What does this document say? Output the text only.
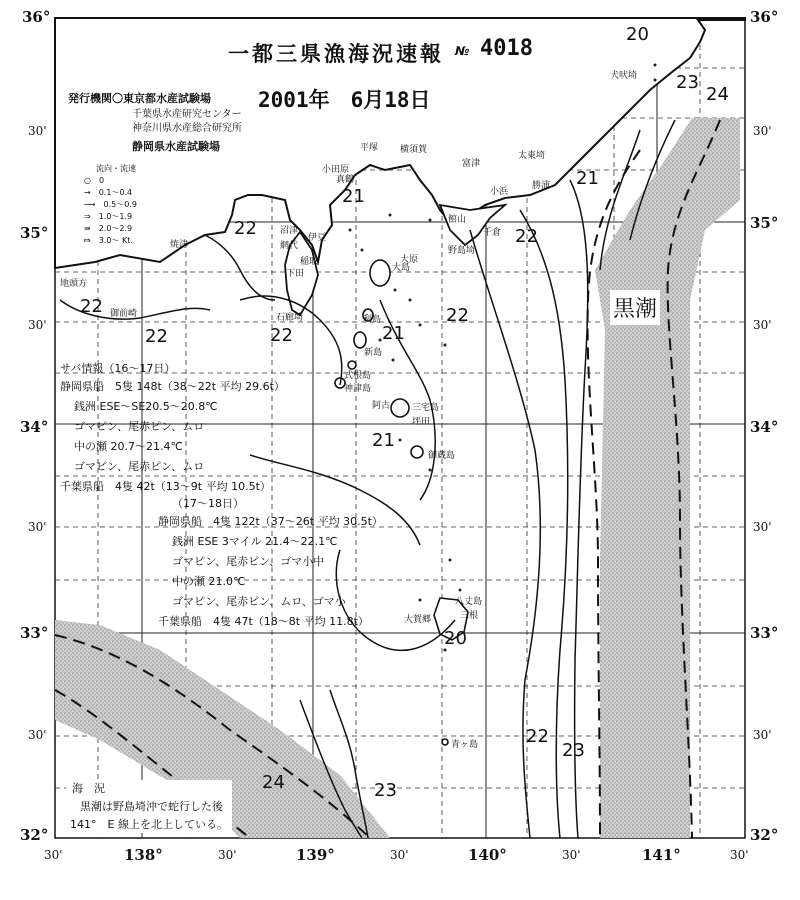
一都三県漁海況速報 № 4018
2001年　6月18日
発行機関〇東京都水産試験場
千葉県水産研究センター
神奈川県水産総合研究所
静岡県水産試験場
流向・流速
○　0
→　0.1～0.4
⟶　0.5～0.9
⇒　1.0～1.9
⇛　2.0～2.9
⤇　3.0～ Kt.
36°
30'
35°
30'
34°
30'
33°
30'
32°
36°
30'
35°
30'
34°
30'
33°
30'
32°
30'	138°	30'	139°	30'	140°	30'	141°	30'
20
23
24
21
21
22
22
22
22	22	21
21
20
22
22
23
24	23
黒潮
犬吠埼
平塚 横須賀
富津
小田原
真鶴
大原
太東埼
勝浦
千倉
館山
野島埼
伊豆
大島
網代
下田
稲取
石廊埼
焼津
御前崎
地頭方
沼津
利島
新島
式根島
神津島
三宅島
阿古
坪田
御蔵島
八丈島
三根
大賀郷
青ヶ島
小浜
サバ情報（16～17日）
静岡県船　5隻 148t（38～22t 平均 29.6t）
銭洲 ESE～SE20.5～20.8℃
ゴマピン、尾赤ピン、ムロ
中の瀬 20.7～21.4℃
ゴマピン、尾赤ピン、ムロ
千葉県船　4隻 42t（13～9t 平均 10.5t）
（17～18日）
静岡県船　4隻 122t（37～26t 平均 30.5t）
銭洲 ESE 3マイル 21.4～22.1℃
ゴマピン、尾赤ピン、ゴマ小中
中の瀬 21.0℃
ゴマピン、尾赤ピン、ムロ、ゴマ小
千葉県船　4隻 47t（18～8t 平均 11.8t）
海　況
黒潮は野島埼沖で蛇行した後
141°　E 線上を北上している。
